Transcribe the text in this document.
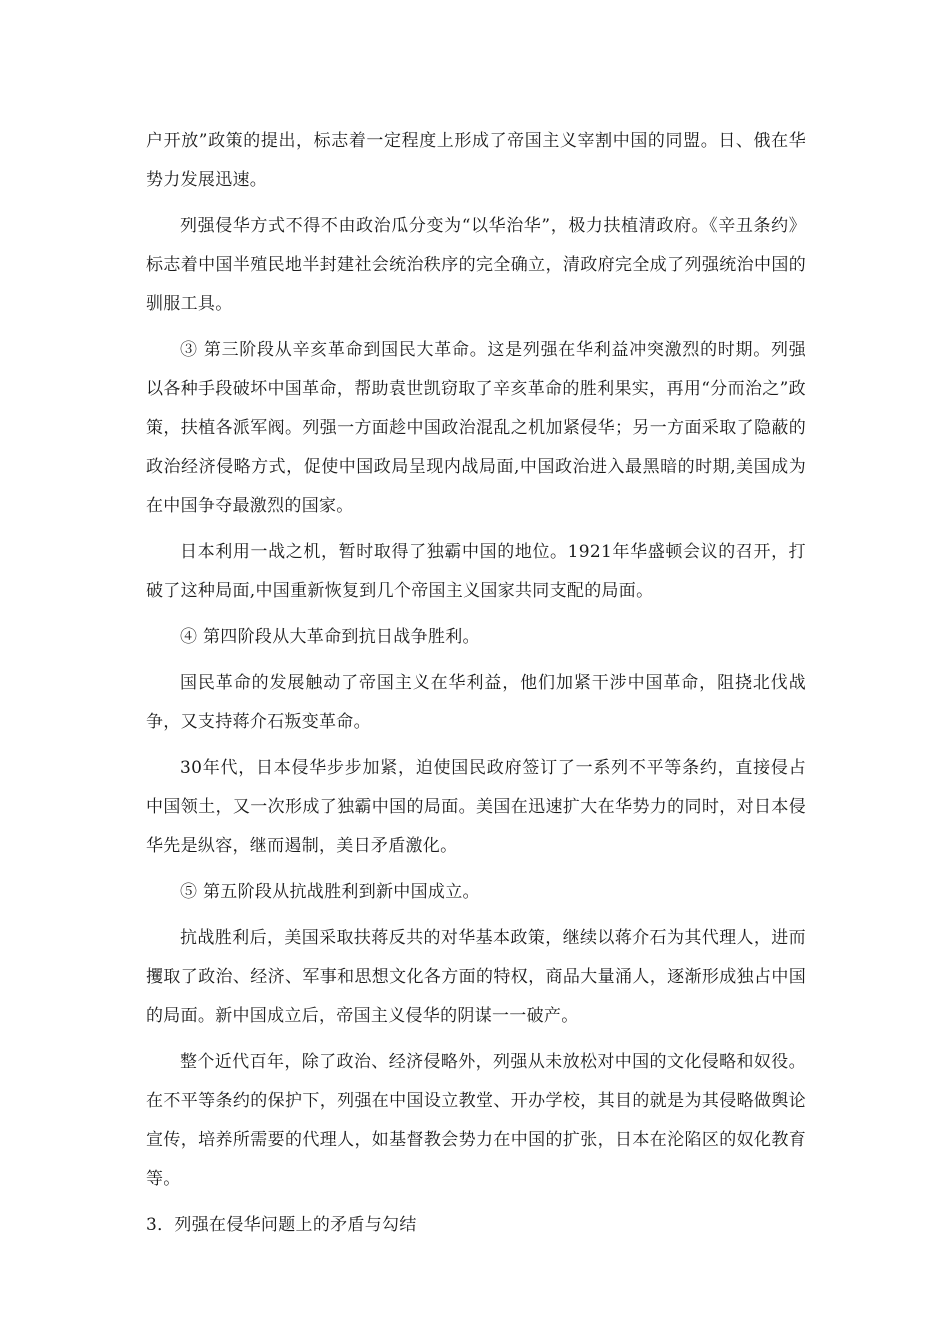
户开放”政策的提出，标志着一定程度上形成了帝国主义宰割中国的同盟。日、俄在华势力发展迅速。

列强侵华方式不得不由政治瓜分变为“以华治华”，极力扶植清政府。《辛丑条约》标志着中国半殖民地半封建社会统治秩序的完全确立，清政府完全成了列强统治中国的驯服工具。

③ 第三阶段从辛亥革命到国民大革命。这是列强在华利益冲突激烈的时期。列强以各种手段破坏中国革命，帮助袁世凯窃取了辛亥革命的胜利果实，再用“分而治之”政策，扶植各派军阀。列强一方面趁中国政治混乱之机加紧侵华；另一方面采取了隐蔽的政治经济侵略方式，促使中国政局呈现内战局面,中国政治进入最黑暗的时期,美国成为在中国争夺最激烈的国家。

日本利用一战之机，暂时取得了独霸中国的地位。1921年华盛顿会议的召开，打破了这种局面,中国重新恢复到几个帝国主义国家共同支配的局面。

④ 第四阶段从大革命到抗日战争胜利。

国民革命的发展触动了帝国主义在华利益，他们加紧干涉中国革命，阻挠北伐战争，又支持蒋介石叛变革命。

30年代，日本侵华步步加紧，迫使国民政府签订了一系列不平等条约，直接侵占中国领土，又一次形成了独霸中国的局面。美国在迅速扩大在华势力的同时，对日本侵华先是纵容，继而遏制，美日矛盾激化。

⑤ 第五阶段从抗战胜利到新中国成立。

抗战胜利后，美国采取扶蒋反共的对华基本政策，继续以蒋介石为其代理人，进而攫取了政治、经济、军事和思想文化各方面的特权，商品大量涌人，逐渐形成独占中国的局面。新中国成立后，帝国主义侵华的阴谋一一破产。

整个近代百年，除了政治、经济侵略外，列强从未放松对中国的文化侵略和奴役。在不平等条约的保护下，列强在中国设立教堂、开办学校，其目的就是为其侵略做舆论宣传，培养所需要的代理人，如基督教会势力在中国的扩张，日本在沦陷区的奴化教育等。

3．列强在侵华问题上的矛盾与勾结
